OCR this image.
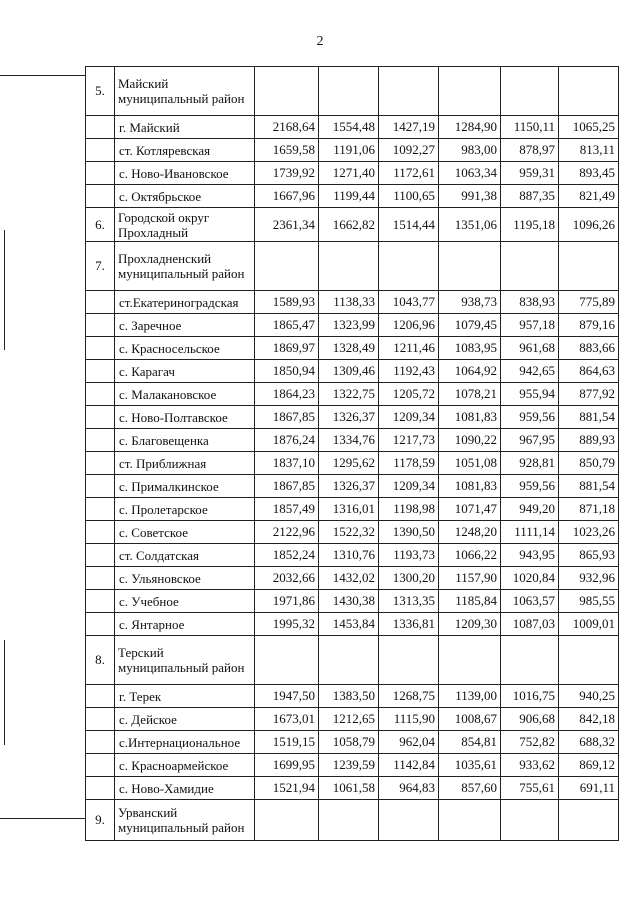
2
5.	Майский муниципальный район						
	г. Майский	2168,64	1554,48	1427,19	1284,90	1150,11	1065,25
	ст. Котляревская	1659,58	1191,06	1092,27	983,00	878,97	813,11
	с. Ново-Ивановское	1739,92	1271,40	1172,61	1063,34	959,31	893,45
	с. Октябрьское	1667,96	1199,44	1100,65	991,38	887,35	821,49
6.	Городской округ Прохладный	2361,34	1662,82	1514,44	1351,06	1195,18	1096,26
7.	Прохладненский муниципальный район						
	ст.Екатериноградская	1589,93	1138,33	1043,77	938,73	838,93	775,89
	с. Заречное	1865,47	1323,99	1206,96	1079,45	957,18	879,16
	с. Красносельское	1869,97	1328,49	1211,46	1083,95	961,68	883,66
	с. Карагач	1850,94	1309,46	1192,43	1064,92	942,65	864,63
	с. Малакановское	1864,23	1322,75	1205,72	1078,21	955,94	877,92
	с. Ново-Полтавское	1867,85	1326,37	1209,34	1081,83	959,56	881,54
	с. Благовещенка	1876,24	1334,76	1217,73	1090,22	967,95	889,93
	ст. Приближная	1837,10	1295,62	1178,59	1051,08	928,81	850,79
	с. Прималкинское	1867,85	1326,37	1209,34	1081,83	959,56	881,54
	с. Пролетарское	1857,49	1316,01	1198,98	1071,47	949,20	871,18
	с. Советское	2122,96	1522,32	1390,50	1248,20	1111,14	1023,26
	ст. Солдатская	1852,24	1310,76	1193,73	1066,22	943,95	865,93
	с. Ульяновское	2032,66	1432,02	1300,20	1157,90	1020,84	932,96
	с. Учебное	1971,86	1430,38	1313,35	1185,84	1063,57	985,55
	с. Янтарное	1995,32	1453,84	1336,81	1209,30	1087,03	1009,01
8.	Терский муниципальный район						
	г. Терек	1947,50	1383,50	1268,75	1139,00	1016,75	940,25
	с. Дейское	1673,01	1212,65	1115,90	1008,67	906,68	842,18
	с.Интернациональное	1519,15	1058,79	962,04	854,81	752,82	688,32
	с. Красноармейское	1699,95	1239,59	1142,84	1035,61	933,62	869,12
	с. Ново-Хамидие	1521,94	1061,58	964,83	857,60	755,61	691,11
9.	Урванский муниципальный район						
